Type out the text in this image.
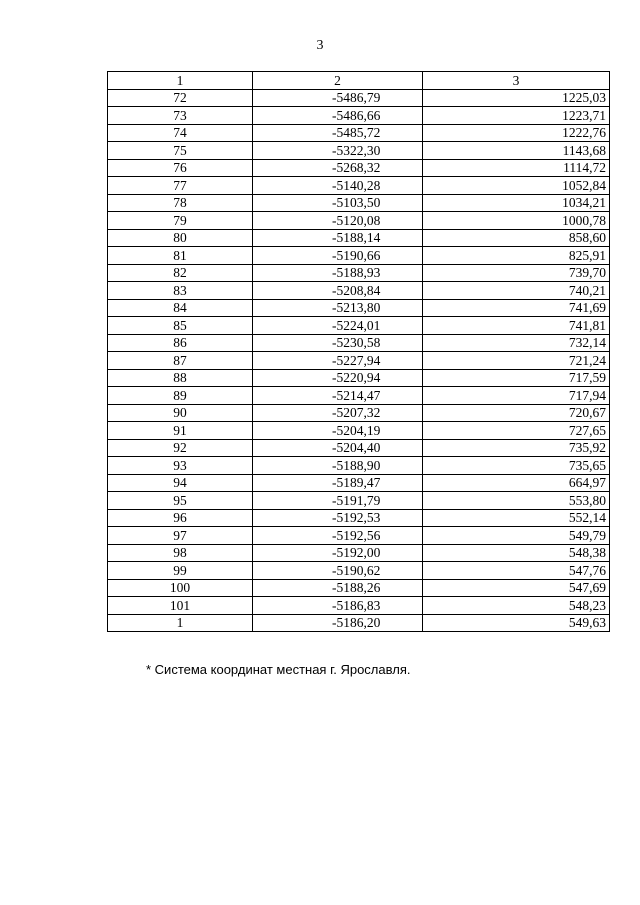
3
1	2	3
72	-5486,79	1225,03
73	-5486,66	1223,71
74	-5485,72	1222,76
75	-5322,30	1143,68
76	-5268,32	1114,72
77	-5140,28	1052,84
78	-5103,50	1034,21
79	-5120,08	1000,78
80	-5188,14	858,60
81	-5190,66	825,91
82	-5188,93	739,70
83	-5208,84	740,21
84	-5213,80	741,69
85	-5224,01	741,81
86	-5230,58	732,14
87	-5227,94	721,24
88	-5220,94	717,59
89	-5214,47	717,94
90	-5207,32	720,67
91	-5204,19	727,65
92	-5204,40	735,92
93	-5188,90	735,65
94	-5189,47	664,97
95	-5191,79	553,80
96	-5192,53	552,14
97	-5192,56	549,79
98	-5192,00	548,38
99	-5190,62	547,76
100	-5188,26	547,69
101	-5186,83	548,23
1	-5186,20	549,63
* Система координат местная г. Ярославля.
